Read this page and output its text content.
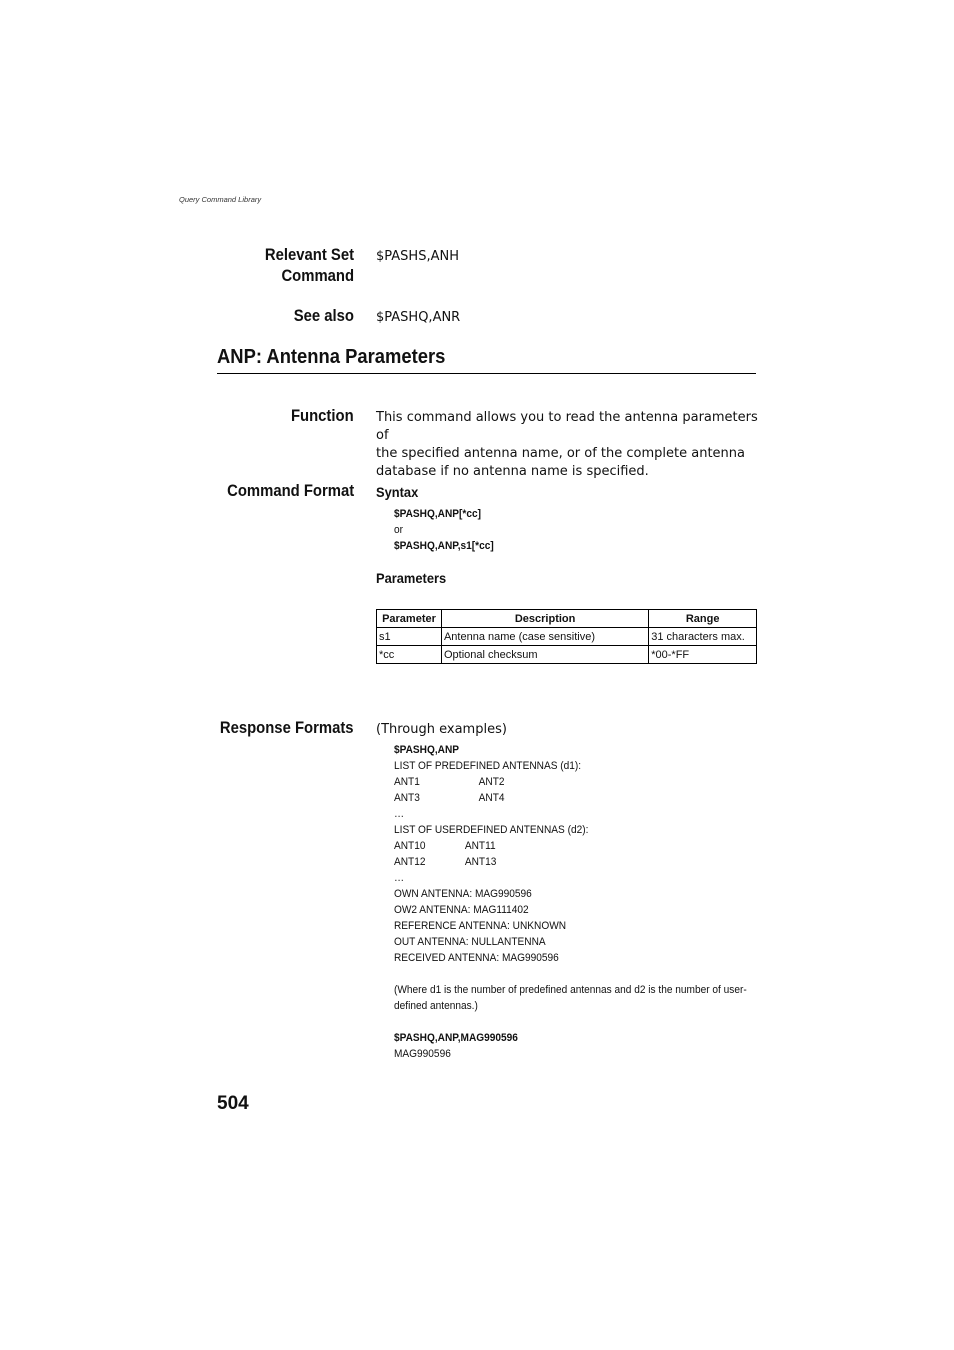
Query Command Library
Relevant Set
Command
$PASHS,ANH
See also $PASHQ,ANR
ANP: Antenna Parameters
Function This command allows you to read the antenna parameters of
the specified antenna name, or of the complete antenna
database if no antenna name is specified.
Command Format Syntax
$PASHQ,ANP[*cc]
or
$PASHQ,ANP,s1[*cc]
Parameters
Parameter	Description	Range
s1	Antenna name (case sensitive)	31 characters max.
*cc	Optional checksum	*00-*FF
Response Formats (Through examples)
$PASHQ,ANP
LIST OF PREDEFINED ANTENNAS (d1):
ANT1	ANT2
ANT3	ANT4
…
LIST OF USERDEFINED ANTENNAS (d2):
ANT10	ANT11
ANT12	ANT13
…
OWN ANTENNA: MAG990596
OW2 ANTENNA: MAG111402
REFERENCE ANTENNA: UNKNOWN
OUT ANTENNA: NULLANTENNA
RECEIVED ANTENNA: MAG990596
(Where d1 is the number of predefined antennas and d2 is the number of user-
defined antennas.)
$PASHQ,ANP,MAG990596
MAG990596
504
